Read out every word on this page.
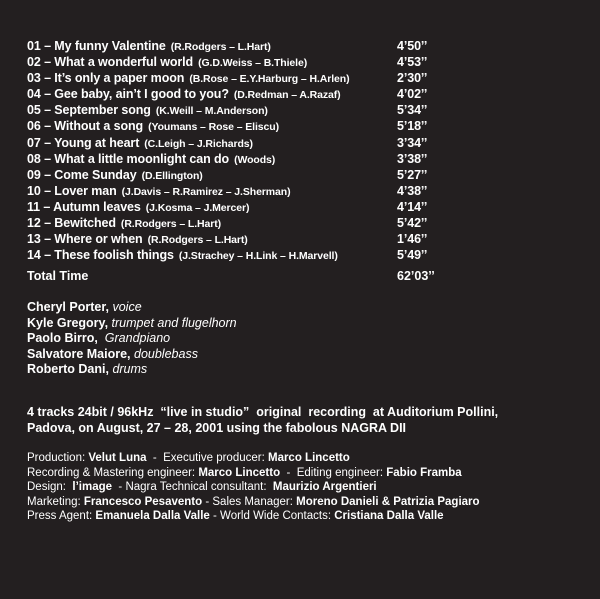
01 – My funny Valentine (R.Rodgers – L.Hart)	4’50’’
02 – What a wonderful world (G.D.Weiss – B.Thiele)	4’53’’
03 – It’s only a paper moon (B.Rose – E.Y.Harburg – H.Arlen)	2’30’’
04 – Gee baby, ain’t I good to you? (D.Redman – A.Razaf)	4’02’’
05 – September song (K.Weill – M.Anderson)	5’34’’
06 – Without a song (Youmans – Rose – Eliscu)	5’18’’
07 – Young at heart (C.Leigh – J.Richards)	3’34’’
08 – What a little moonlight can do (Woods)	3’38’’
09 – Come Sunday (D.Ellington)	5’27’’
10 – Lover man (J.Davis – R.Ramirez – J.Sherman)	4’38’’
11 – Autumn leaves (J.Kosma – J.Mercer)	4’14’’
12 – Bewitched (R.Rodgers – L.Hart)	5’42’’
13 – Where or when (R.Rodgers – L.Hart)	1’46’’
14 – These foolish things (J.Strachey – H.Link – H.Marvell)	5’49’’
Total Time	62’03’’
Cheryl Porter, voice
Kyle Gregory, trumpet and flugelhorn
Paolo Birro, Grandpiano
Salvatore Maiore, doublebass
Roberto Dani, drums
4 tracks 24bit / 96kHz  “live in studio”  original  recording  at Auditorium Pollini,
Padova, on August, 27 – 28, 2001 using the fabolous NAGRA DII
Production: Velut Luna  -  Executive producer: Marco Lincetto
Recording & Mastering engineer: Marco Lincetto  -  Editing engineer: Fabio Framba
Design:  l’image  - Nagra Technical consultant:  Maurizio Argentieri
Marketing: Francesco Pesavento - Sales Manager: Moreno Danieli & Patrizia Pagiaro
Press Agent: Emanuela Dalla Valle - World Wide Contacts: Cristiana Dalla Valle
